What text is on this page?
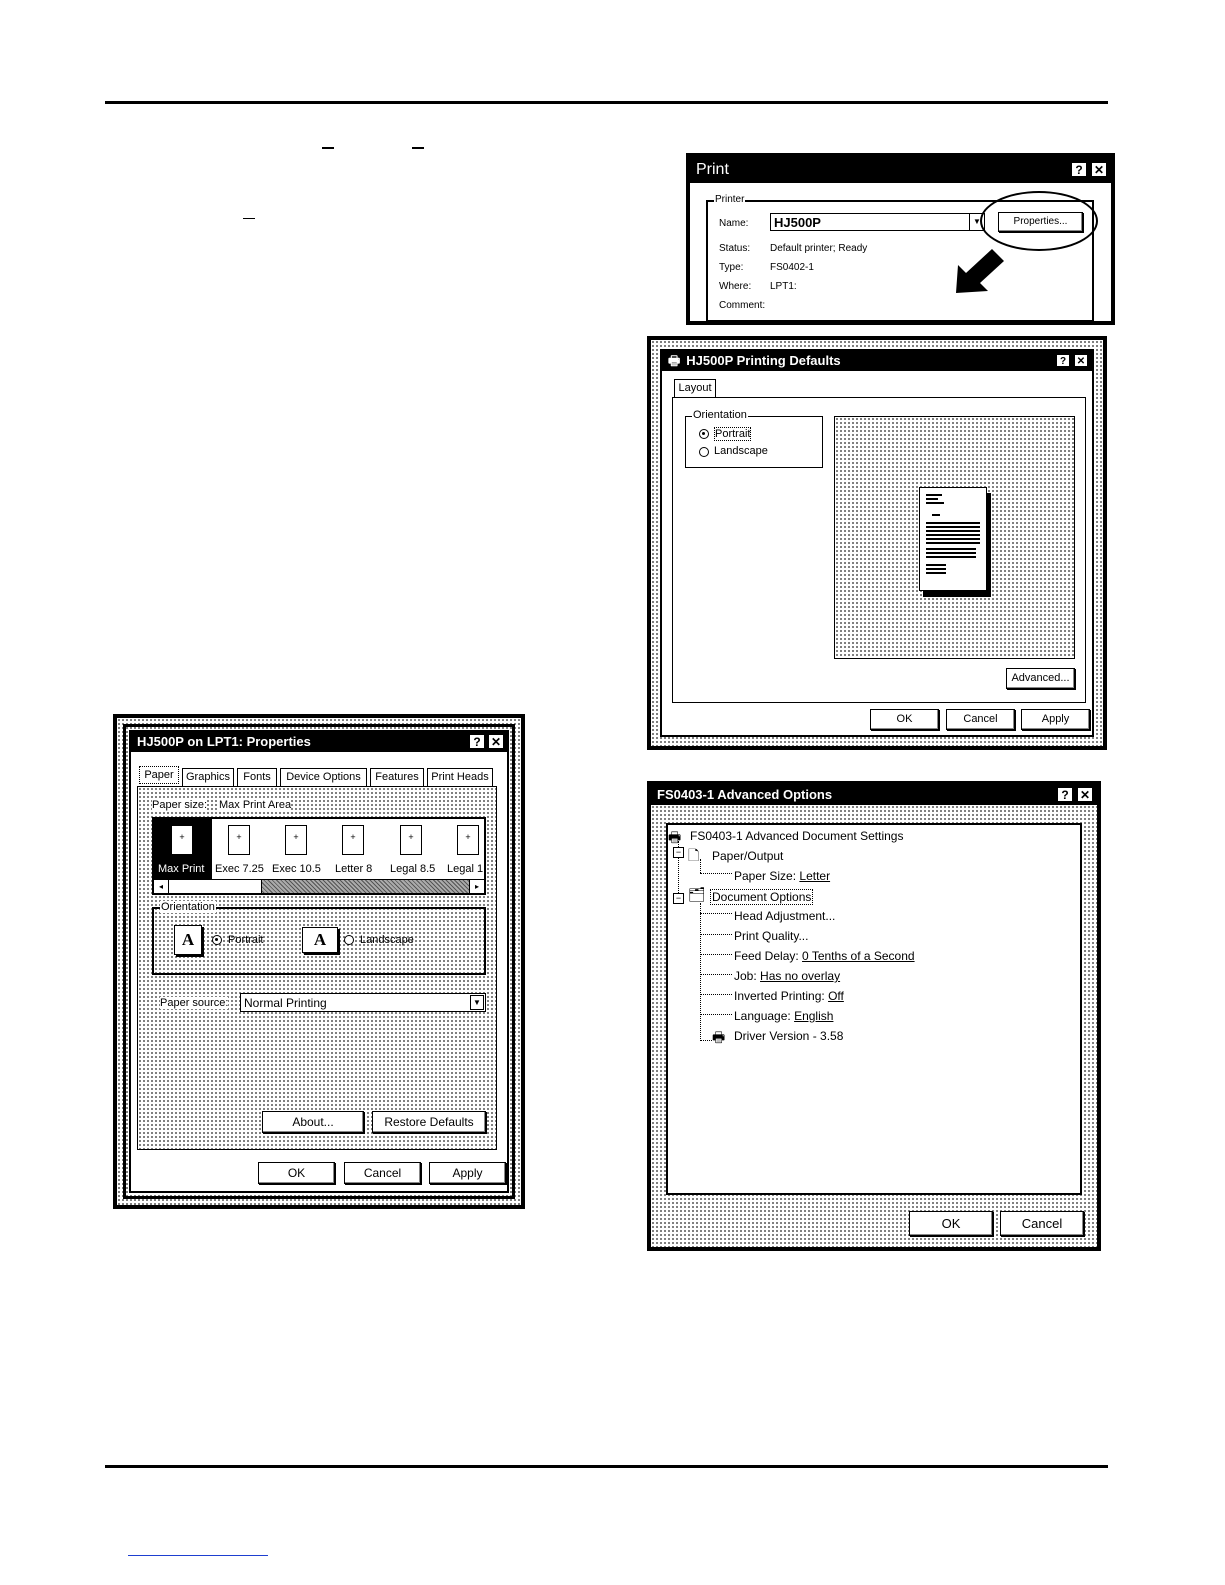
Print	? ✕
Printer
Name: HJ500P	▼	Properties...
Status: Default printer; Ready
Type:	FS0402-1
Where: LPT1:
Comment:
🖶 HJ500P Printing Defaults	?	✕
Layout
Orientation
Portrait
Landscape
Advanced...
OK	Cancel	Apply
HJ500P on LPT1: Properties	? ✕
Paper	Graphics	Fonts	Device Options	Features	Print Heads
Paper size: Max Print Area
+
Max Print
+
Exec 7.25
+
Exec 10.5
+
Letter 8
+
Legal 8.5
+
Legal 1
◂	▸
Orientation
A	Portrait	A	Landscape
Paper source: Normal Printing	▼
About...	Restore Defaults
OK	Cancel	Apply
FS0403-1 Advanced Options	? ✕
🖶 FS0403-1 Advanced Document Settings
− 🗋 Paper/Output
Paper Size: Letter
− 🗂 Document Options
Head Adjustment...
Print Quality...
Feed Delay: 0 Tenths of a Second
Job: Has no overlay
Inverted Printing: Off
Language: English
🖶 Driver Version - 3.58
OK	Cancel
